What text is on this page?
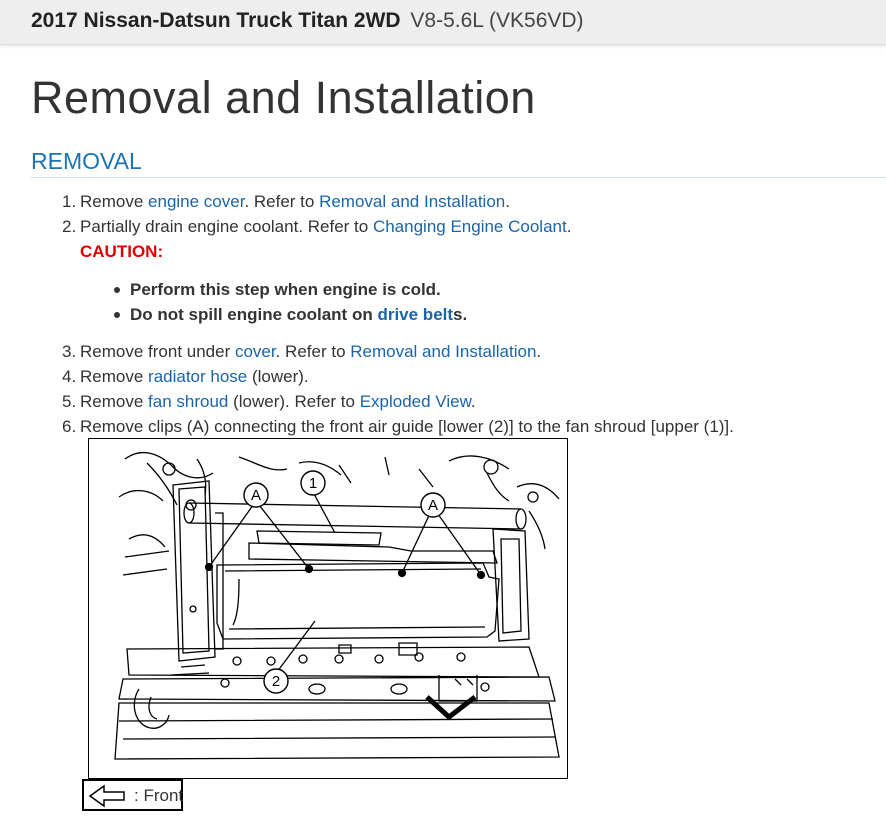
2017 Nissan-Datsun Truck Titan 2WD V8-5.6L (VK56VD)
Removal and Installation
REMOVAL
1. Remove engine cover. Refer to Removal and Installation.
2. Partially drain engine coolant. Refer to Changing Engine Coolant.
CAUTION:
Perform this step when engine is cold.
Do not spill engine coolant on drive belts.
3. Remove front under cover. Refer to Removal and Installation.
4. Remove radiator hose (lower).
5. Remove fan shroud (lower). Refer to Exploded View.
6. Remove clips (A) connecting the front air guide [lower (2)] to the fan shroud [upper (1)].
A
1
A
2
: Front
